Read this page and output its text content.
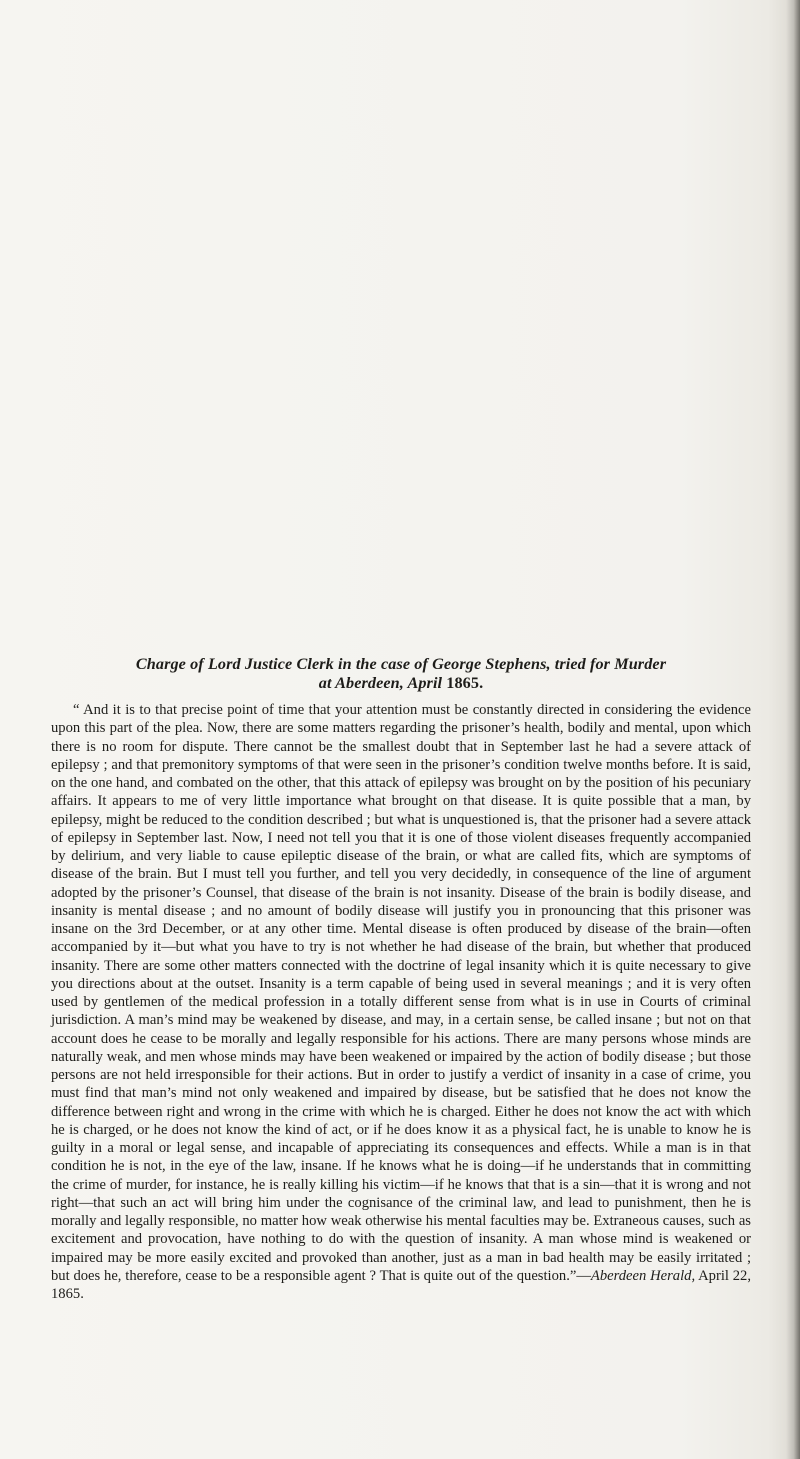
Charge of Lord Justice Clerk in the case of George Stephens, tried for Murder
at Aberdeen, April 1865.

“ And it is to that precise point of time that your attention must be constantly directed in considering the evidence upon this part of the plea. Now, there are some matters regarding the prisoner’s health, bodily and mental, upon which there is no room for dispute. There cannot be the smallest doubt that in September last he had a severe attack of epilepsy ; and that premonitory symptoms of that were seen in the prisoner’s condition twelve months before. It is said, on the one hand, and combated on the other, that this attack of epilepsy was brought on by the position of his pecuniary affairs. It appears to me of very little importance what brought on that disease. It is quite possible that a man, by epilepsy, might be reduced to the condition described ; but what is unquestioned is, that the prisoner had a severe attack of epilepsy in September last. Now, I need not tell you that it is one of those violent diseases frequently accompanied by delirium, and very liable to cause epileptic disease of the brain, or what are called fits, which are symptoms of disease of the brain. But I must tell you further, and tell you very decidedly, in consequence of the line of argument adopted by the prisoner’s Counsel, that disease of the brain is not insanity. Disease of the brain is bodily disease, and insanity is mental disease ; and no amount of bodily disease will justify you in pronouncing that this prisoner was insane on the 3rd December, or at any other time. Mental disease is often produced by disease of the brain—often accompanied by it—but what you have to try is not whether he had disease of the brain, but whether that produced insanity. There are some other matters connected with the doctrine of legal insanity which it is quite necessary to give you directions about at the outset. Insanity is a term capable of being used in several meanings ; and it is very often used by gentlemen of the medical profession in a totally different sense from what is in use in Courts of criminal jurisdiction. A man’s mind may be weakened by disease, and may, in a certain sense, be called insane ; but not on that account does he cease to be morally and legally responsible for his actions. There are many persons whose minds are naturally weak, and men whose minds may have been weakened or impaired by the action of bodily disease ; but those persons are not held irresponsible for their actions. But in order to justify a verdict of insanity in a case of crime, you must find that man’s mind not only weakened and impaired by disease, but be satisfied that he does not know the difference between right and wrong in the crime with which he is charged. Either he does not know the act with which he is charged, or he does not know the kind of act, or if he does know it as a physical fact, he is unable to know he is guilty in a moral or legal sense, and incapable of appreciating its consequences and effects. While a man is in that condition he is not, in the eye of the law, insane. If he knows what he is doing—if he understands that in committing the crime of murder, for instance, he is really killing his victim—if he knows that that is a sin—that it is wrong and not right—that such an act will bring him under the cognisance of the criminal law, and lead to punishment, then he is morally and legally responsible, no matter how weak otherwise his mental faculties may be. Extraneous causes, such as excitement and provocation, have nothing to do with the question of insanity. A man whose mind is weakened or impaired may be more easily excited and provoked than another, just as a man in bad health may be easily irritated ; but does he, therefore, cease to be a responsible agent ? That is quite out of the question.”—Aberdeen Herald, April 22, 1865.
